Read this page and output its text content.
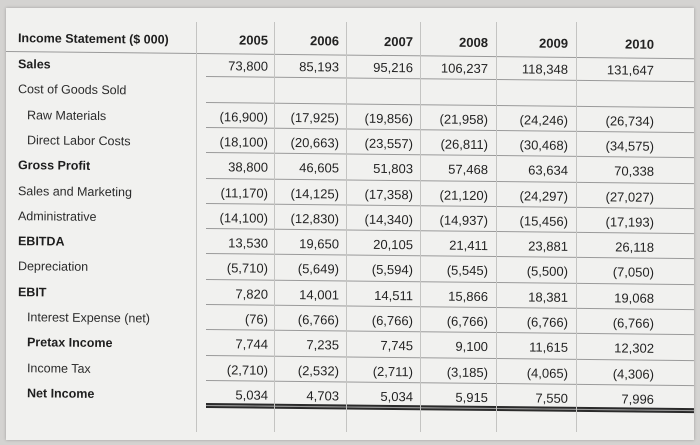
Income Statement ($ 000)	2005	2006	2007	2008	2009	2010
Sales	73,800	85,193	95,216	106,237	118,348	131,647
Cost of Goods Sold
Raw Materials	(16,900)	(17,925)	(19,856)	(21,958)	(24,246)	(26,734)
Direct Labor Costs	(18,100)	(20,663)	(23,557)	(26,811)	(30,468)	(34,575)
Gross Profit	38,800	46,605	51,803	57,468	63,634	70,338
Sales and Marketing	(11,170)	(14,125)	(17,358)	(21,120)	(24,297)	(27,027)
Administrative	(14,100)	(12,830)	(14,340)	(14,937)	(15,456)	(17,193)
EBITDA	13,530	19,650	20,105	21,411	23,881	26,118
Depreciation	(5,710)	(5,649)	(5,594)	(5,545)	(5,500)	(7,050)
EBIT	7,820	14,001	14,511	15,866	18,381	19,068
Interest Expense (net)	(76)	(6,766)	(6,766)	(6,766)	(6,766)	(6,766)
Pretax Income	7,744	7,235	7,745	9,100	11,615	12,302
Income Tax	(2,710)	(2,532)	(2,711)	(3,185)	(4,065)	(4,306)
Net Income	5,034	4,703	5,034	5,915	7,550	7,996
